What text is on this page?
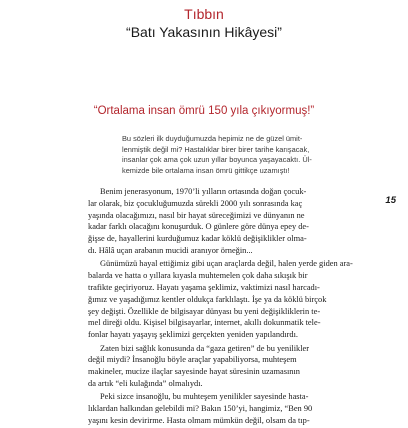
Tıbbın
“Batı Yakasının Hikâyesi”
“Ortalama insan ömrü 150 yıla çıkıyormuş!”
Bu sözleri ilk duyduğumuzda hepimiz ne de güzel ümit-
lenmiştik değil mi? Hastalıklar birer birer tarihe karışacak,
insanlar çok ama çok uzun yıllar boyunca yaşayacaktı. Ül-
kemizde bile ortalama insan ömrü gittikçe uzamıştı!
15

Benim jenerasyonum, 1970’li yılların ortasında doğan çocuk-
lar olarak, biz çocukluğumuzda sürekli 2000 yılı sonrasında kaç
yaşında olacağımızı, nasıl bir hayat süreceğimizi ve dünyanın ne
kadar farklı olacağını konuşurduk. O günlere göre dünya epey de-
ğişse de, hayallerini kurduğumuz kadar köklü değişiklikler olma-
dı. Hâlâ uçan arabanın mucidi aranıyor örneğin...

Günümüzü hayal ettiğimiz gibi uçan araçlarda değil, halen yerde giden ara-
balarda ve hatta o yıllara kıyasla muhtemelen çok daha sıkışık bir
trafikte geçiriyoruz. Hayatı yaşama şeklimiz, vaktimizi nasıl harcadı-
ğımız ve yaşadığımız kentler oldukça farklılaştı. İşe ya da köklü birçok
şey değişti. Özellikle de bilgisayar dünyası bu yeni değişikliklerin te-
mel direği oldu. Kişisel bilgisayarlar, internet, akıllı dokunmatik tele-
fonlar hayatı yaşayış şeklimizi gerçekten yeniden yapılandırdı.

Zaten bizi sağlık konusunda da “gaza getiren” de bu yenilikler
değil miydi? İnsanoğlu böyle araçlar yapabiliyorsa, muhteşem
makineler, mucize ilaçlar sayesinde hayat süresinin uzamasının
da artık “eli kulağında” olmalıydı.

Peki sizce insanoğlu, bu muhteşem yenilikler sayesinde hasta-
lıklardan halkından gelebildi mi? Bakın 150’yi, hangimiz, “Ben 90
yaşını kesin devirirme. Hasta olmam mümkün değil, olsam da tıp-
